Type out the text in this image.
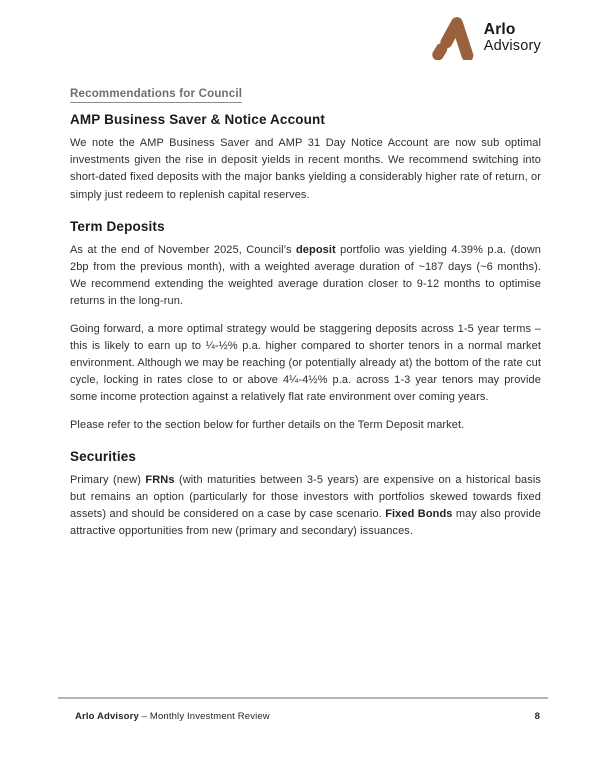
Arlo
Advisory
Recommendations for Council
AMP Business Saver & Notice Account

We note the AMP Business Saver and AMP 31 Day Notice Account are now sub optimal investments given the rise in deposit yields in recent months. We recommend switching into short-dated fixed deposits with the major banks yielding a considerably higher rate of return, or simply just redeem to replenish capital reserves.

Term Deposits

As at the end of November 2025, Council’s deposit portfolio was yielding 4.39% p.a. (down 2bp from the previous month), with a weighted average duration of ~187 days (~6 months). We recommend extending the weighted average duration closer to 9-12 months to optimise returns in the long-run.

Going forward, a more optimal strategy would be staggering deposits across 1-5 year terms – this is likely to earn up to ¼-½% p.a. higher compared to shorter tenors in a normal market environment. Although we may be reaching (or potentially already at) the bottom of the rate cut cycle, locking in rates close to or above 4¼-4½% p.a. across 1-3 year tenors may provide some income protection against a relatively flat rate environment over coming years.

Please refer to the section below for further details on the Term Deposit market.

Securities

Primary (new) FRNs (with maturities between 3-5 years) are expensive on a historical basis but remains an option (particularly for those investors with portfolios skewed towards fixed assets) and should be considered on a case by case scenario. Fixed Bonds may also provide attractive opportunities from new (primary and secondary) issuances.

Arlo Advisory – Monthly Investment Review	8
